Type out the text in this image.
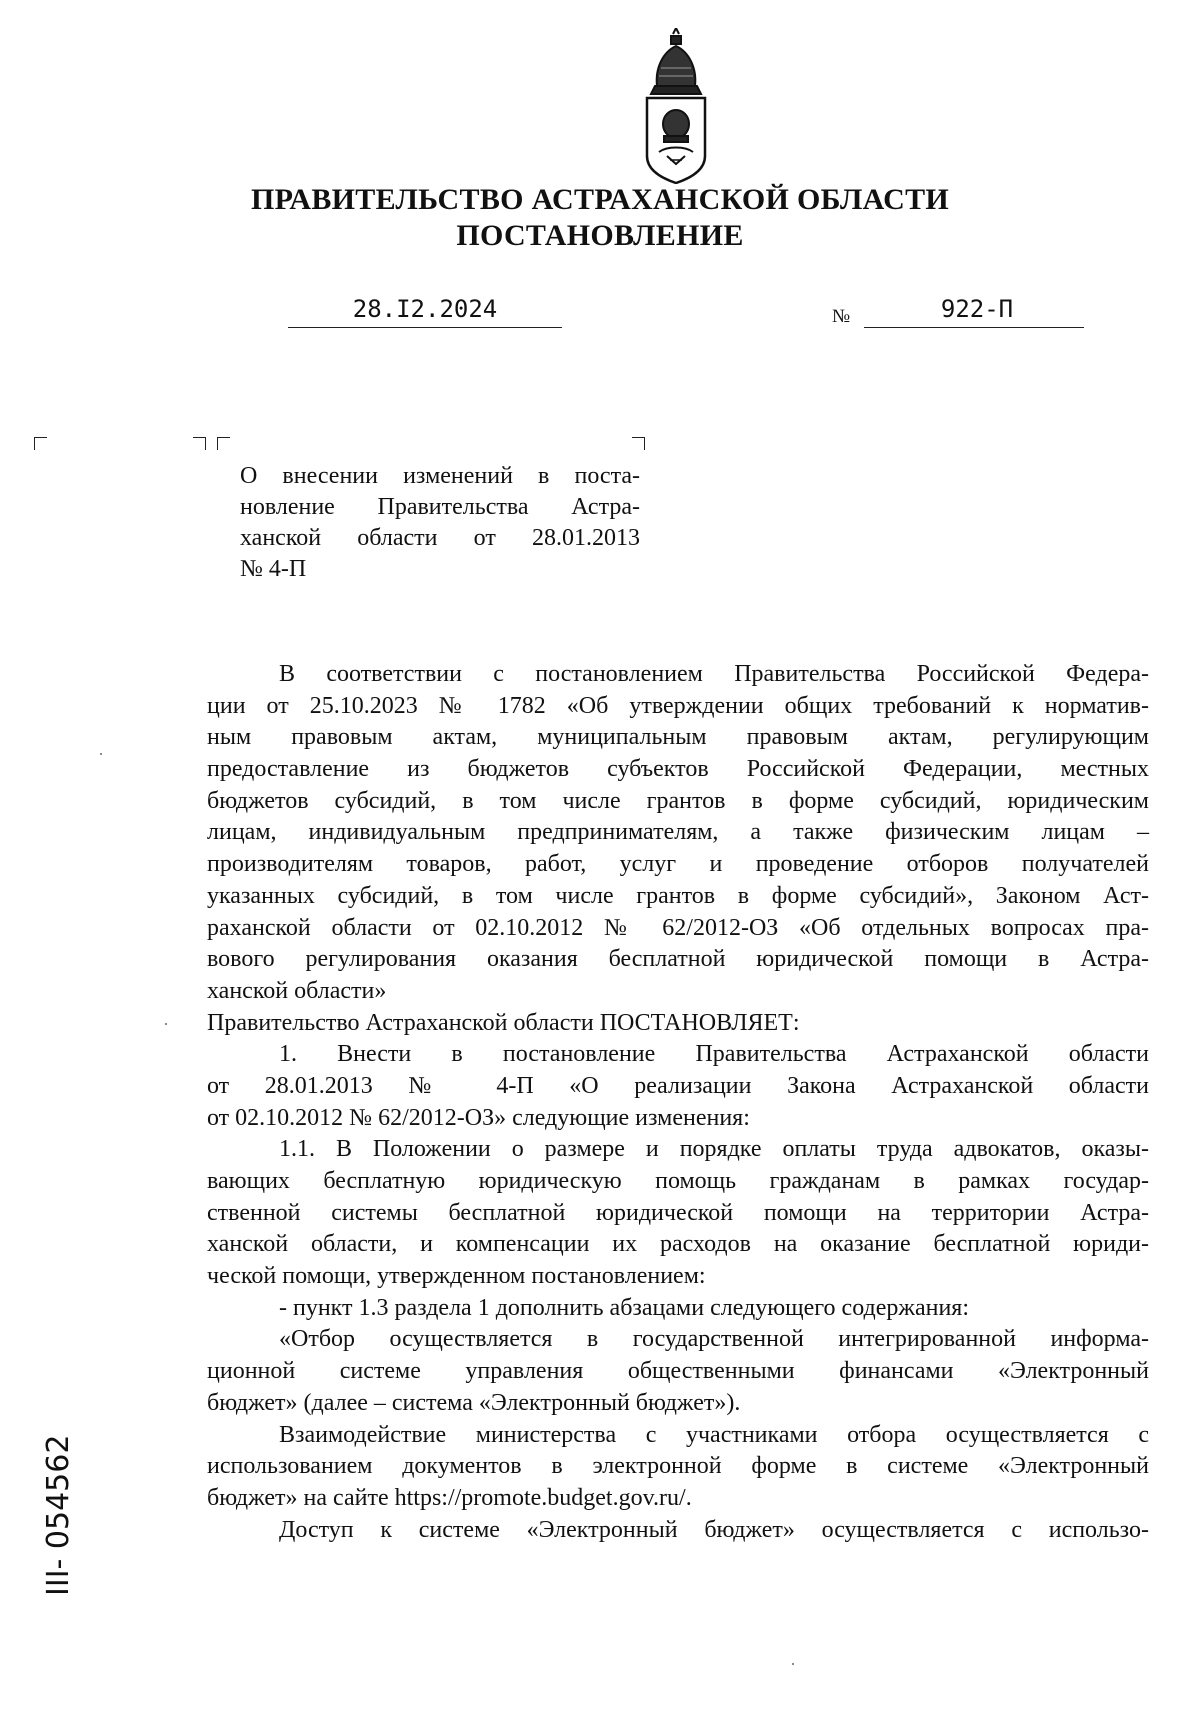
ПРАВИТЕЛЬСТВО АСТРАХАНСКОЙ ОБЛАСТИ
ПОСТАНОВЛЕНИЕ
28.I2.2024	№	922-П
О внесении изменений в поста-
новление Правительства Астра-
ханской области от 28.01.2013
№ 4-П
В соответствии с постановлением Правительства Российской Федера-
ции от 25.10.2023 № 1782 «Об утверждении общих требований к норматив-
ным правовым актам, муниципальным правовым актам, регулирующим
предоставление из бюджетов субъектов Российской Федерации, местных
бюджетов субсидий, в том числе грантов в форме субсидий, юридическим
лицам, индивидуальным предпринимателям, а также физическим лицам –
производителям товаров, работ, услуг и проведение отборов получателей
указанных субсидий, в том числе грантов в форме субсидий», Законом Аст-
раханской области от 02.10.2012 № 62/2012-ОЗ «Об отдельных вопросах пра-
вового регулирования оказания бесплатной юридической помощи в Астра-
ханской области»
Правительство Астраханской области ПОСТАНОВЛЯЕТ:
1. Внести в постановление Правительства Астраханской области
от 28.01.2013 № 4-П «О реализации Закона Астраханской области
от 02.10.2012 № 62/2012-ОЗ» следующие изменения:
1.1. В Положении о размере и порядке оплаты труда адвокатов, оказы-
вающих бесплатную юридическую помощь гражданам в рамках государ-
ственной системы бесплатной юридической помощи на территории Астра-
ханской области, и компенсации их расходов на оказание бесплатной юриди-
ческой помощи, утвержденном постановлением:
- пункт 1.3 раздела 1 дополнить абзацами следующего содержания:
«Отбор осуществляется в государственной интегрированной информа-
ционной системе управления общественными финансами «Электронный
бюджет» (далее – система «Электронный бюджет»).
Взаимодействие министерства с участниками отбора осуществляется с
использованием документов в электронной форме в системе «Электронный
бюджет» на сайте https://promote.budget.gov.ru/.
Доступ к системе «Электронный бюджет» осуществляется с использо-
ІІІ- 054562
